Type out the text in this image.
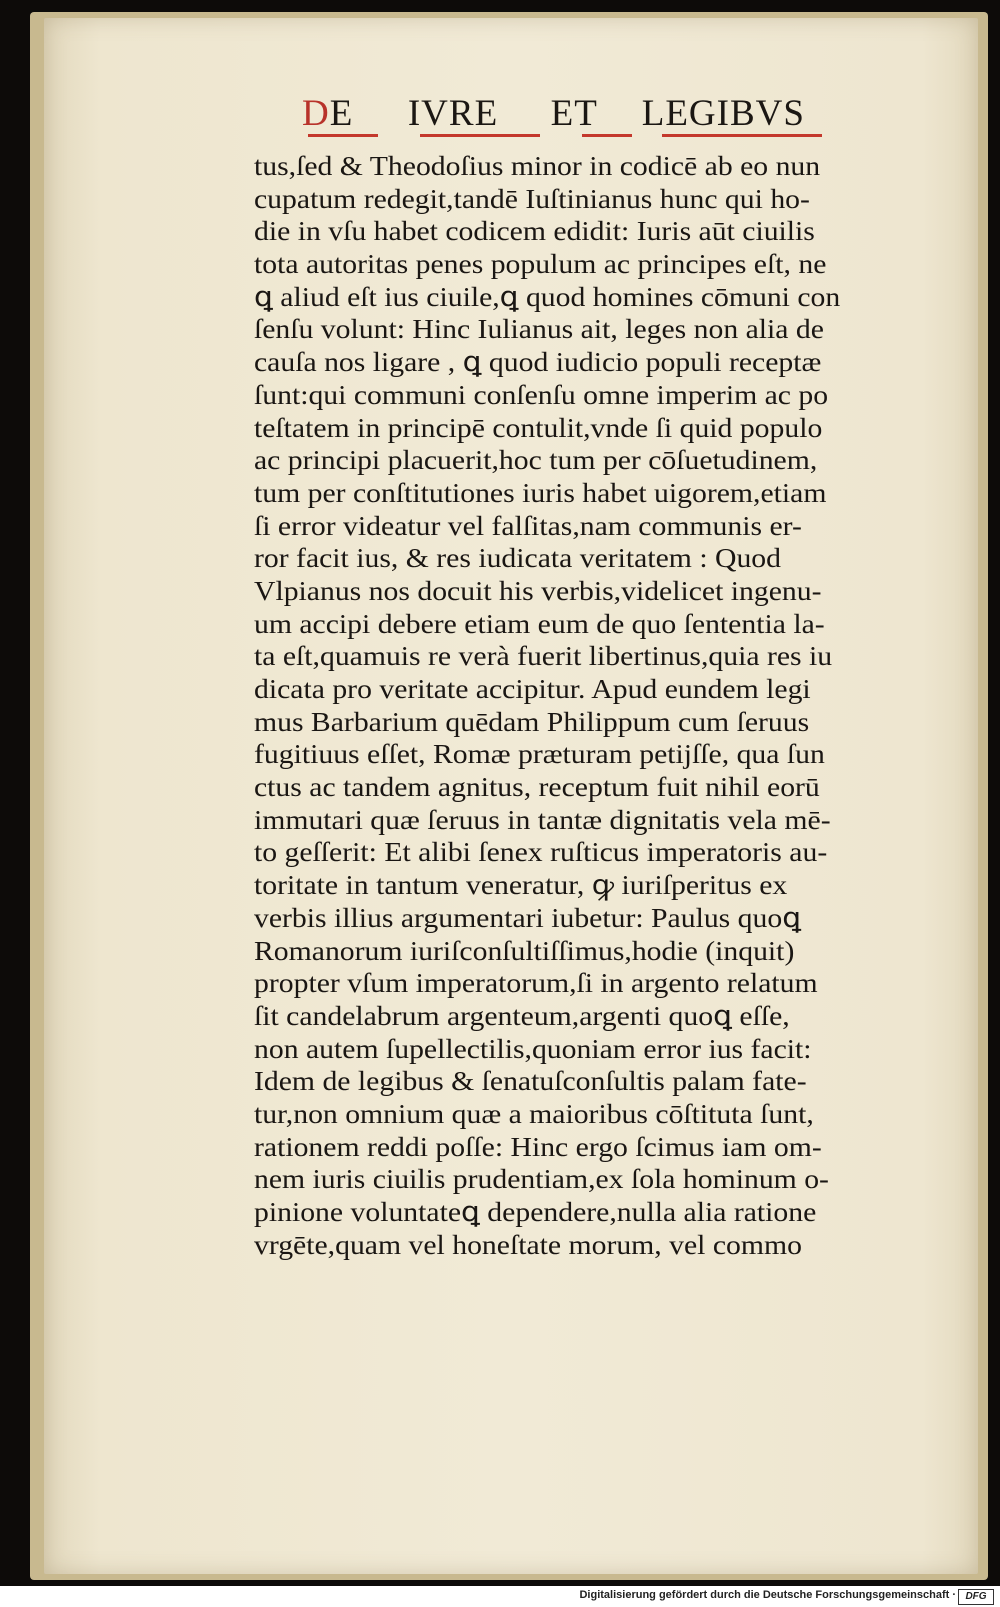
DE IVRE ET LEGIBVS
tus,ſed & Theodoſius minor in codicē ab eo nun
cupatum redegit,tandē Iuſtinianus hunc qui ho-
die in vſu habet codicem edidit: Iuris aūt ciuilis
tota autoritas penes populum ac principes eſt, ne
ꝗ aliud eſt ius ciuile,ꝗ quod homines cōmuni con
ſenſu volunt: Hinc Iulianus ait, leges non alia de
cauſa nos ligare , ꝗ quod iudicio populi receptæ
ſunt:qui communi conſenſu omne imperim ac po
teſtatem in principē contulit,vnde ſi quid populo
ac principi placuerit,hoc tum per cōſuetudinem,
tum per conſtitutiones iuris habet uigorem,etiam
ſi error videatur vel falſitas,nam communis er-
ror facit ius, & res iudicata veritatem : Quod
Vlpianus nos docuit his verbis,videlicet ingenu-
um accipi debere etiam eum de quo ſententia la-
ta eſt,quamuis re verà fuerit libertinus,quia res iu
dicata pro veritate accipitur. Apud eundem legi
mus Barbarium quēdam Philippum cum ſeruus
fugitiuus eſſet, Romæ præturam petijſſe, qua ſun
ctus ac tandem agnitus, receptum fuit nihil eorū
immutari quæ ſeruus in tantæ dignitatis vela mē-
to geſſerit: Et alibi ſenex ruſticus imperatoris au-
toritate in tantum veneratur, ꝙ iuriſperitus ex
verbis illius argumentari iubetur: Paulus quoꝗ
Romanorum iuriſconſultiſſimus,hodie (inquit)
propter vſum imperatorum,ſi in argento relatum
ſit candelabrum argenteum,argenti quoꝗ eſſe,
non autem ſupellectilis,quoniam error ius facit:
Idem de legibus & ſenatuſconſultis palam fate-
tur,non omnium quæ a maioribus cōſtituta ſunt,
rationem reddi poſſe: Hinc ergo ſcimus iam om-
nem iuris ciuilis prudentiam,ex ſola hominum o-
pinione voluntateꝗ dependere,nulla alia ratione
vrgēte,quam vel honeſtate morum, vel commo
Digitalisierung gefördert durch die Deutsche Forschungsgemeinschaft · DFG
